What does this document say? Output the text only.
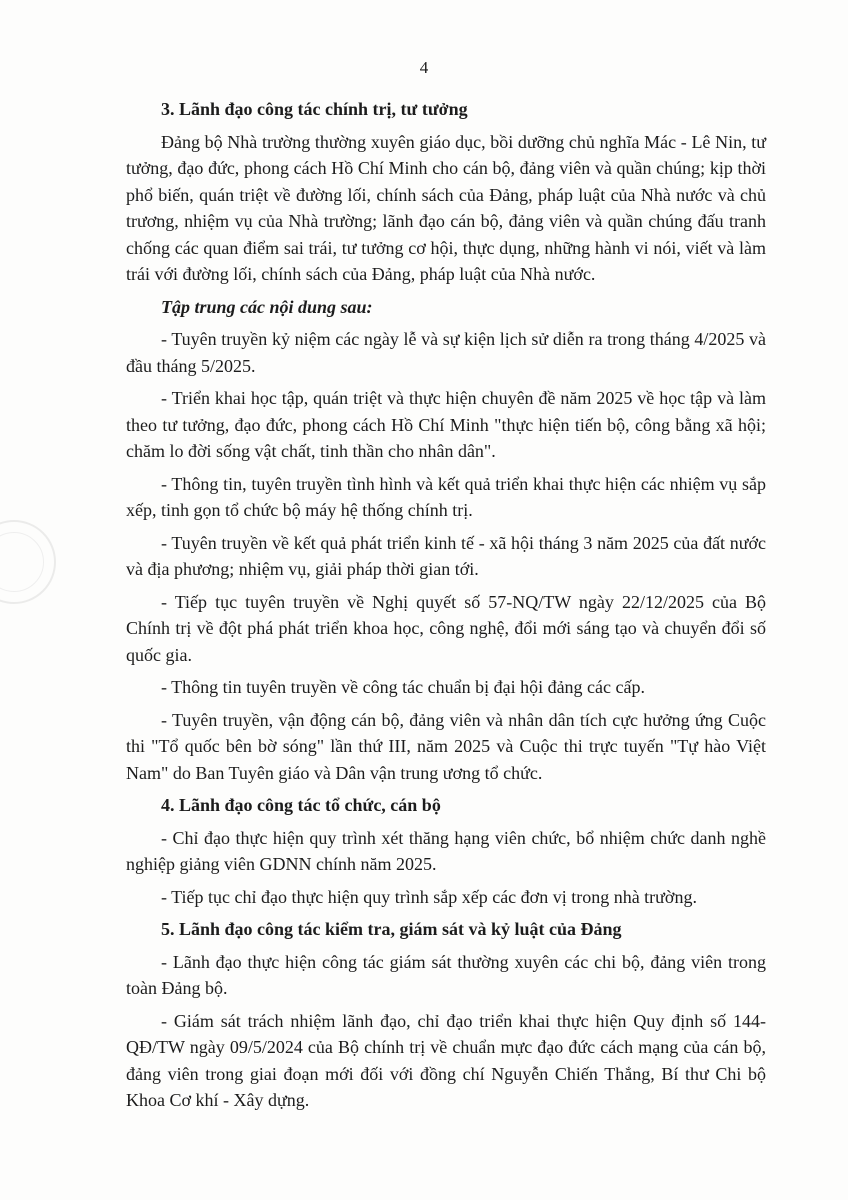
4

3. Lãnh đạo công tác chính trị, tư tưởng

Đảng bộ Nhà trường thường xuyên giáo dục, bồi dưỡng chủ nghĩa Mác - Lê Nin, tư tưởng, đạo đức, phong cách Hồ Chí Minh cho cán bộ, đảng viên và quần chúng; kịp thời phổ biến, quán triệt về đường lối, chính sách của Đảng, pháp luật của Nhà nước và chủ trương, nhiệm vụ của Nhà trường; lãnh đạo cán bộ, đảng viên và quần chúng đấu tranh chống các quan điểm sai trái, tư tưởng cơ hội, thực dụng, những hành vi nói, viết và làm trái với đường lối, chính sách của Đảng, pháp luật của Nhà nước.

Tập trung các nội dung sau:

- Tuyên truyền kỷ niệm các ngày lễ và sự kiện lịch sử diễn ra trong tháng 4/2025 và đầu tháng 5/2025.

- Triển khai học tập, quán triệt và thực hiện chuyên đề năm 2025 về học tập và làm theo tư tưởng, đạo đức, phong cách Hồ Chí Minh "thực hiện tiến bộ, công bằng xã hội; chăm lo đời sống vật chất, tinh thần cho nhân dân".

- Thông tin, tuyên truyền tình hình và kết quả triển khai thực hiện các nhiệm vụ sắp xếp, tinh gọn tổ chức bộ máy hệ thống chính trị.

- Tuyên truyền về kết quả phát triển kinh tế - xã hội tháng 3 năm 2025 của đất nước và địa phương; nhiệm vụ, giải pháp thời gian tới.

- Tiếp tục tuyên truyền về Nghị quyết số 57-NQ/TW ngày 22/12/2025 của Bộ Chính trị về đột phá phát triển khoa học, công nghệ, đổi mới sáng tạo và chuyển đổi số quốc gia.

- Thông tin tuyên truyền về công tác chuẩn bị đại hội đảng các cấp.

- Tuyên truyền, vận động cán bộ, đảng viên và nhân dân tích cực hưởng ứng Cuộc thi "Tổ quốc bên bờ sóng" lần thứ III, năm 2025 và Cuộc thi trực tuyến "Tự hào Việt Nam" do Ban Tuyên giáo và Dân vận trung ương tổ chức.

4. Lãnh đạo công tác tổ chức, cán bộ

- Chỉ đạo thực hiện quy trình xét thăng hạng viên chức, bổ nhiệm chức danh nghề nghiệp giảng viên GDNN chính năm 2025.

- Tiếp tục chỉ đạo thực hiện quy trình sắp xếp các đơn vị trong nhà trường.

5. Lãnh đạo công tác kiểm tra, giám sát và kỷ luật của Đảng

- Lãnh đạo thực hiện công tác giám sát thường xuyên các chi bộ, đảng viên trong toàn Đảng bộ.

- Giám sát trách nhiệm lãnh đạo, chỉ đạo triển khai thực hiện Quy định số 144-QĐ/TW ngày 09/5/2024 của Bộ chính trị về chuẩn mực đạo đức cách mạng của cán bộ, đảng viên trong giai đoạn mới đối với đồng chí Nguyễn Chiến Thắng, Bí thư Chi bộ Khoa Cơ khí - Xây dựng.
